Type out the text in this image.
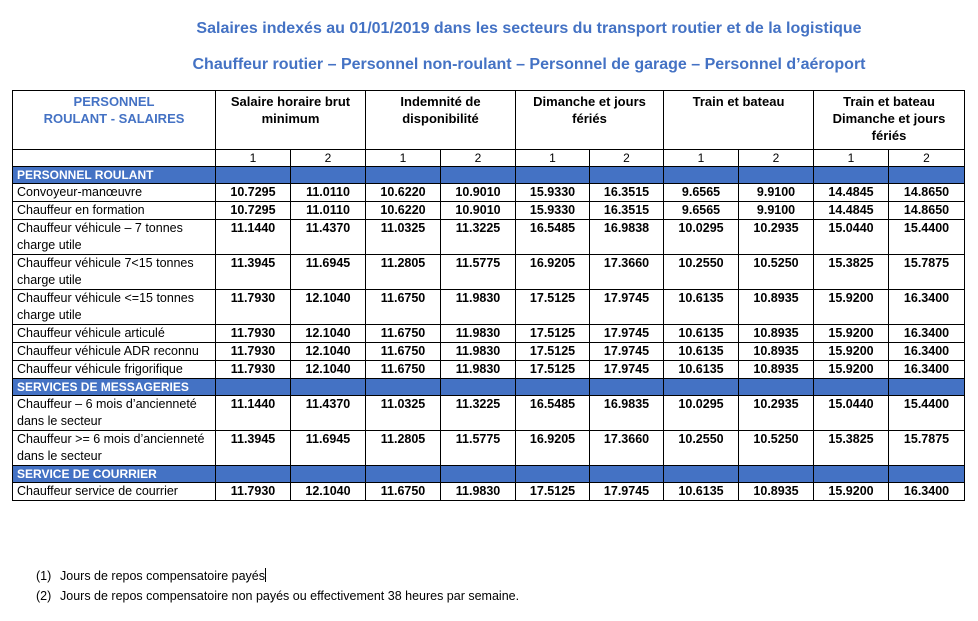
Salaires indexés au 01/01/2019 dans les secteurs du transport routier et de la logistique
Chauffeur routier – Personnel non-roulant – Personnel de garage – Personnel d’aéroport
PERSONNEL
ROULANT - SALAIRES	Salaire horaire brut minimum		Indemnité de disponibilité		Dimanche et jours fériés		Train et bateau		Train et bateau Dimanche et jours fériés	
	1	2	1	2	1	2	1	2	1	2
PERSONNEL ROULANT										
Convoyeur-manœuvre	10.7295	11.0110	10.6220	10.9010	15.9330	16.3515	9.6565	9.9100	14.4845	14.8650
Chauffeur en formation	10.7295	11.0110	10.6220	10.9010	15.9330	16.3515	9.6565	9.9100	14.4845	14.8650
Chauffeur véhicule – 7 tonnes charge utile	11.1440	11.4370	11.0325	11.3225	16.5485	16.9838	10.0295	10.2935	15.0440	15.4400
Chauffeur véhicule 7<15 tonnes charge utile	11.3945	11.6945	11.2805	11.5775	16.9205	17.3660	10.2550	10.5250	15.3825	15.7875
Chauffeur véhicule <=15 tonnes charge utile	11.7930	12.1040	11.6750	11.9830	17.5125	17.9745	10.6135	10.8935	15.9200	16.3400
Chauffeur véhicule articulé	11.7930	12.1040	11.6750	11.9830	17.5125	17.9745	10.6135	10.8935	15.9200	16.3400
Chauffeur véhicule ADR reconnu	11.7930	12.1040	11.6750	11.9830	17.5125	17.9745	10.6135	10.8935	15.9200	16.3400
Chauffeur véhicule frigorifique	11.7930	12.1040	11.6750	11.9830	17.5125	17.9745	10.6135	10.8935	15.9200	16.3400
SERVICES DE MESSAGERIES										
Chauffeur – 6 mois d’ancienneté dans le secteur	11.1440	11.4370	11.0325	11.3225	16.5485	16.9835	10.0295	10.2935	15.0440	15.4400
Chauffeur >= 6 mois d’ancienneté dans le secteur	11.3945	11.6945	11.2805	11.5775	16.9205	17.3660	10.2550	10.5250	15.3825	15.7875
SERVICE DE COURRIER										
Chauffeur service de courrier	11.7930	12.1040	11.6750	11.9830	17.5125	17.9745	10.6135	10.8935	15.9200	16.3400
(1) Jours de repos compensatoire payés
(2) Jours de repos compensatoire non payés ou effectivement 38 heures par semaine.
